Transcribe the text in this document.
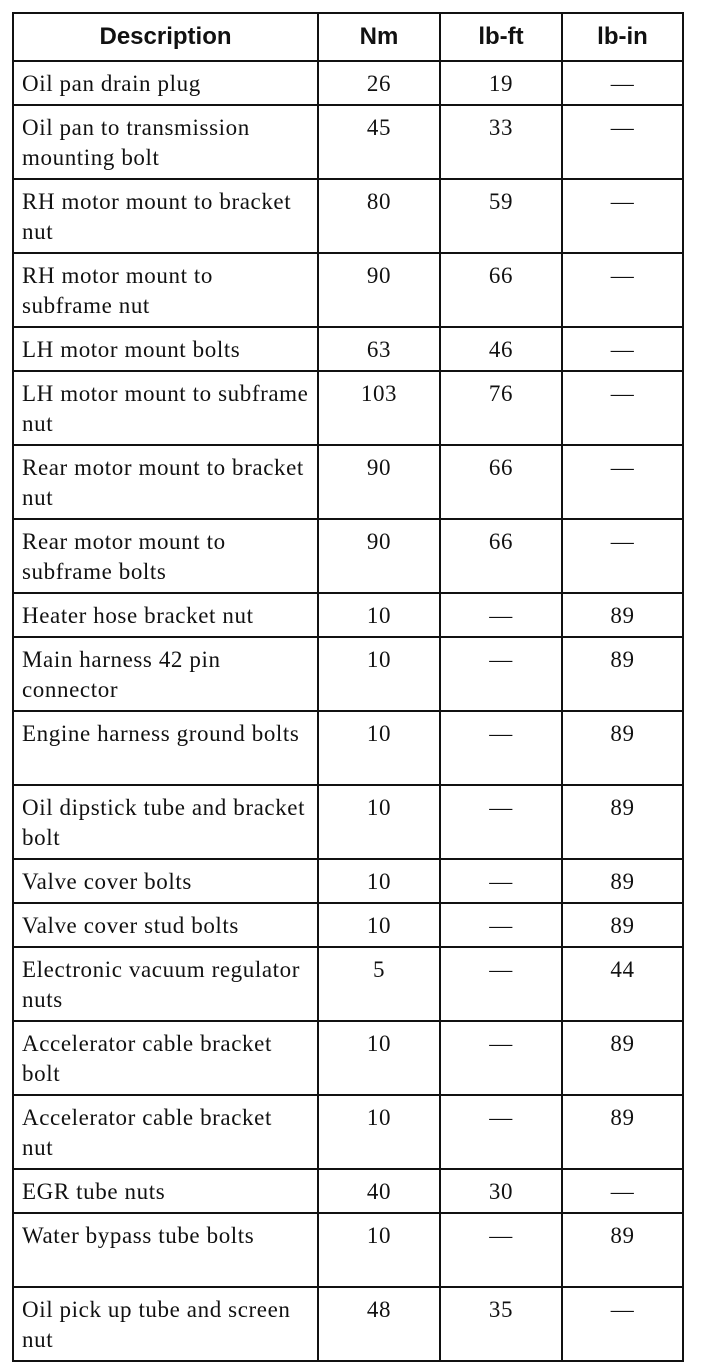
Description	Nm	lb-ft	lb-in
Oil pan drain plug	26	19	—
Oil pan to transmission mounting bolt	45	33	—
RH motor mount to bracket nut	80	59	—
RH motor mount to subframe nut	90	66	—
LH motor mount bolts	63	46	—
LH motor mount to subframe nut	103	76	—
Rear motor mount to bracket nut	90	66	—
Rear motor mount to subframe bolts	90	66	—
Heater hose bracket nut	10	—	89
Main harness 42 pin connector	10	—	89
Engine harness ground bolts	10	—	89
Oil dipstick tube and bracket bolt	10	—	89
Valve cover bolts	10	—	89
Valve cover stud bolts	10	—	89
Electronic vacuum regulator nuts	5	—	44
Accelerator cable bracket bolt	10	—	89
Accelerator cable bracket nut	10	—	89
EGR tube nuts	40	30	—
Water bypass tube bolts	10	—	89
Oil pick up tube and screen nut	48	35	—
